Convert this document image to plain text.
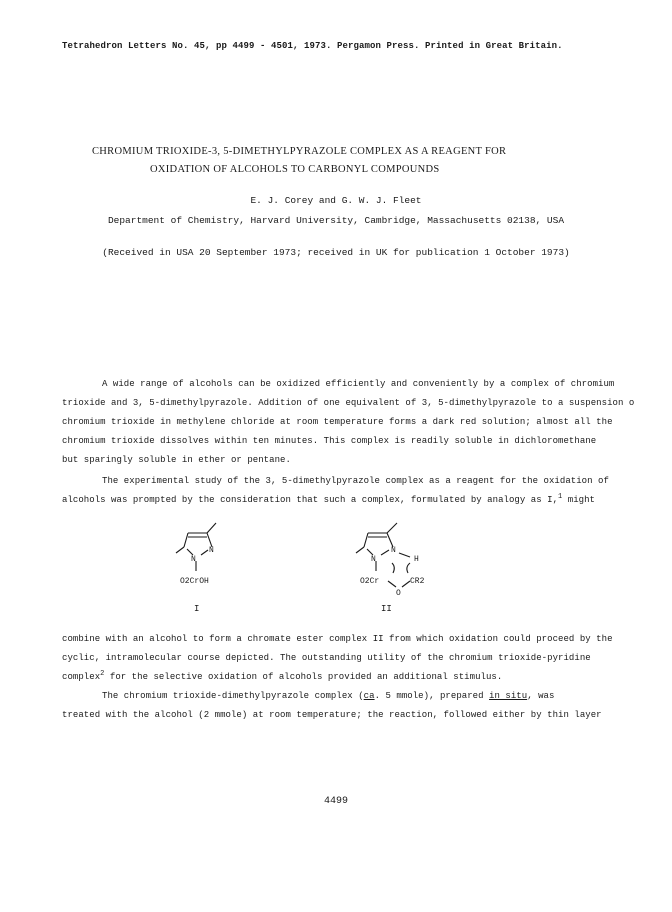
Tetrahedron Letters No. 45, pp 4499 - 4501, 1973. Pergamon Press. Printed in Great Britain.
CHROMIUM TRIOXIDE-3, 5-DIMETHYLPYRAZOLE COMPLEX AS A REAGENT FOR
OXIDATION OF ALCOHOLS TO CARBONYL COMPOUNDS
E. J. Corey and G. W. J. Fleet
Department of Chemistry, Harvard University, Cambridge, Massachusetts 02138, USA
(Received in USA 20 September 1973; received in UK for publication 1 October 1973)
A wide range of alcohols can be oxidized efficiently and conveniently by a complex of chromium
trioxide and 3, 5-dimethylpyrazole. Addition of one equivalent of 3, 5-dimethylpyrazole to a suspension o
chromium trioxide in methylene chloride at room temperature forms a dark red solution; almost all the
chromium trioxide dissolves within ten minutes. This complex is readily soluble in dichloromethane
but sparingly soluble in ether or pentane.
The experimental study of the 3, 5-dimethylpyrazole complex as a reagent for the oxidation of
alcohols was prompted by the consideration that such a complex, formulated by analogy as I,$^1$ might
N
N
O2CrOH
I
N
N
H
O2Cr	CR2
O
II
combine with an alcohol to form a chromate ester complex II from which oxidation could proceed by the
cyclic, intramolecular course depicted. The outstanding utility of the chromium trioxide-pyridine
complex$^2$ for the selective oxidation of alcohols provided an additional stimulus.
The chromium trioxide-dimethylpyrazole complex (ca. 5 mmole), prepared in situ, was
treated with the alcohol (2 mmole) at room temperature; the reaction, followed either by thin layer
4499
